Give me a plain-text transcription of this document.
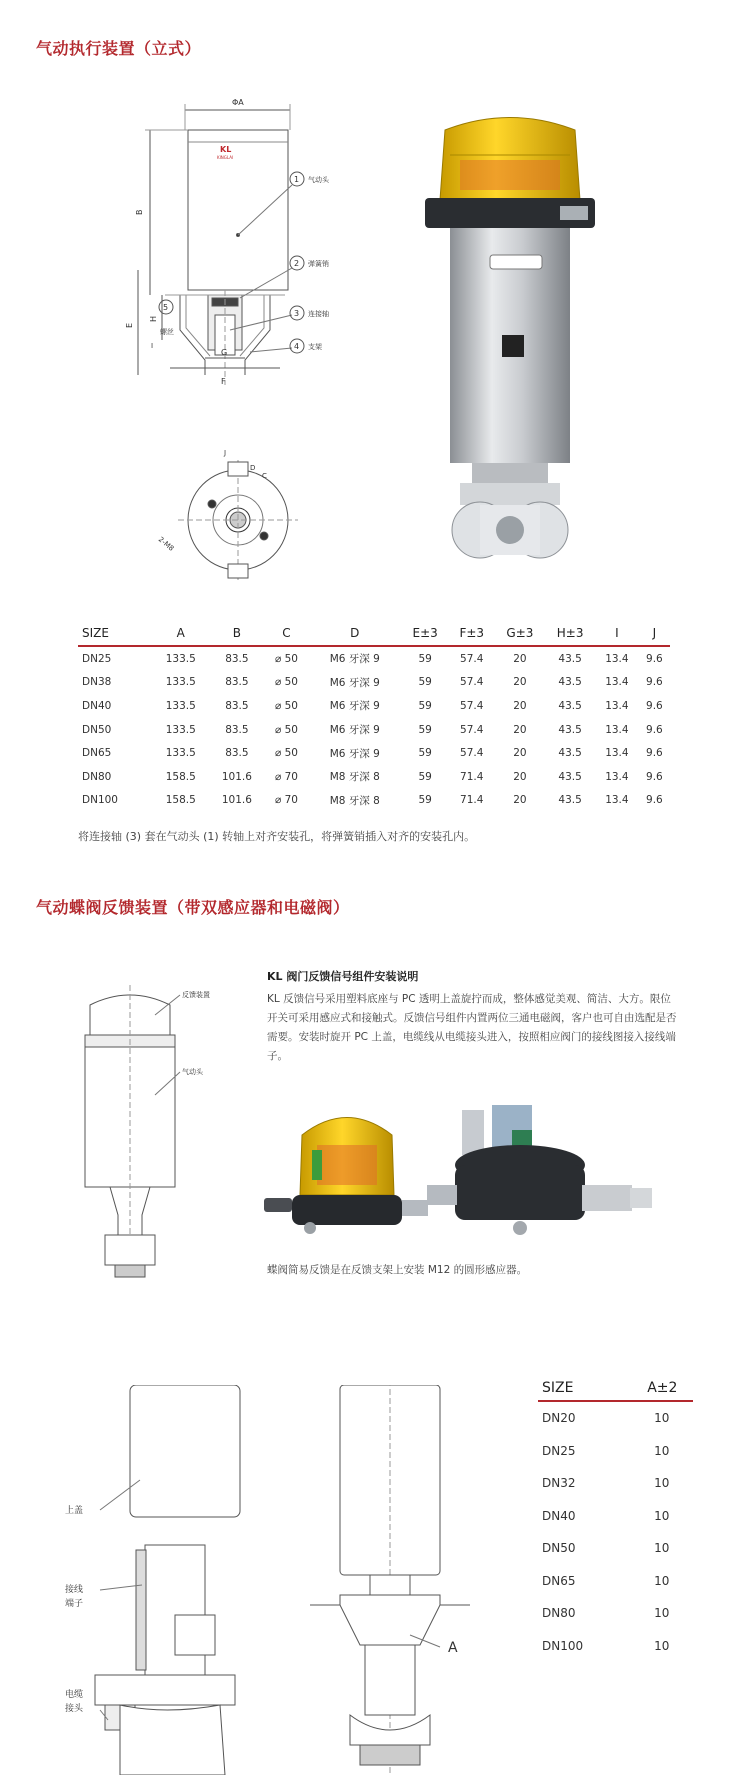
气动执行装置（立式）
ΦA
KL
KINGLAI
B
E
H
I
G
F
1 气动头
2 弹簧销
3 连接轴
4 支架
5
螺丝
J
D
C
2-M8
SIZE	A	B	C	D	E±3	F±3	G±3	H±3	I	J
DN25	133.5	83.5	⌀ 50	M6 牙深 9	59	57.4	20	43.5	13.4	9.6
DN38	133.5	83.5	⌀ 50	M6 牙深 9	59	57.4	20	43.5	13.4	9.6
DN40	133.5	83.5	⌀ 50	M6 牙深 9	59	57.4	20	43.5	13.4	9.6
DN50	133.5	83.5	⌀ 50	M6 牙深 9	59	57.4	20	43.5	13.4	9.6
DN65	133.5	83.5	⌀ 50	M6 牙深 9	59	57.4	20	43.5	13.4	9.6
DN80	158.5	101.6	⌀ 70	M8 牙深 8	59	71.4	20	43.5	13.4	9.6
DN100	158.5	101.6	⌀ 70	M8 牙深 8	59	71.4	20	43.5	13.4	9.6
将连接轴 (3) 套在气动头 (1) 转轴上对齐安装孔，将弹簧销插入对齐的安装孔内。
气动蝶阀反馈装置（带双感应器和电磁阀）
反馈装置
气动头
KL 阀门反馈信号组件安装说明
KL 反馈信号采用塑料底座与 PC 透明上盖旋拧而成，整体感觉美观、简洁、大方。限位开关可采用感应式和接触式。反馈信号组件内置两位三通电磁阀，客户也可自由选配是否需要。安装时旋开 PC 上盖，电缆线从电缆接头进入，按照相应阀门的接线图接入接线端子。
蝶阀简易反馈是在反馈支架上安装 M12 的圆形感应器。
上盖
接线
端子
电缆
接头
A
SIZE	A±2
DN20	10
DN25	10
DN32	10
DN40	10
DN50	10
DN65	10
DN80	10
DN100	10
